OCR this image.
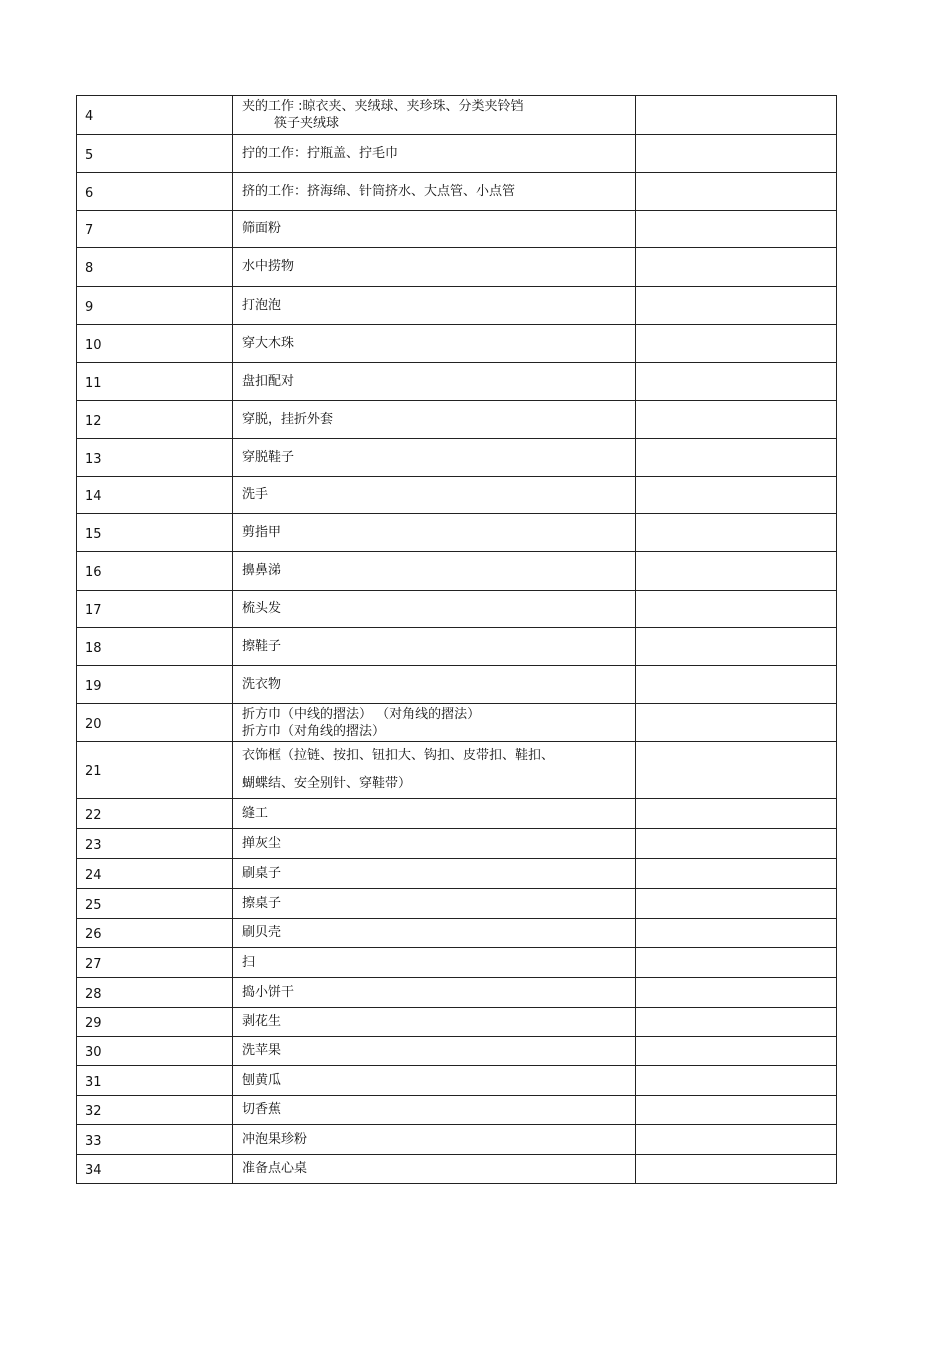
4	夹的工作 :晾衣夹、夹绒球、夹珍珠、分类夹铃铛
筷子夹绒球	

5	拧的工作：拧瓶盖、拧毛巾	

6	挤的工作：挤海绵、针筒挤水、大点管、小点管	

7	筛面粉	

8	水中捞物	

9	打泡泡	

10	穿大木珠	

11	盘扣配对	

12	穿脱，挂折外套	

13	穿脱鞋子	

14	洗手	

15	剪指甲	

16	擤鼻涕	

17	梳头发	

18	擦鞋子	

19	洗衣物	

20	折方巾（中线的摺法） （对角线的摺法）
折方巾（对角线的摺法）	

21	衣饰框（拉链、按扣、钮扣大、钩扣、皮带扣、鞋扣、
蝴蝶结、安全别针、穿鞋带）	

22	缝工	

23	掸灰尘	

24	刷桌子	

25	擦桌子	

26	刷贝壳	

27	扫	

28	捣小饼干	

29	剥花生	

30	洗苹果	

31	刨黄瓜	

32	切香蕉	

33	冲泡果珍粉	

34	准备点心桌	
